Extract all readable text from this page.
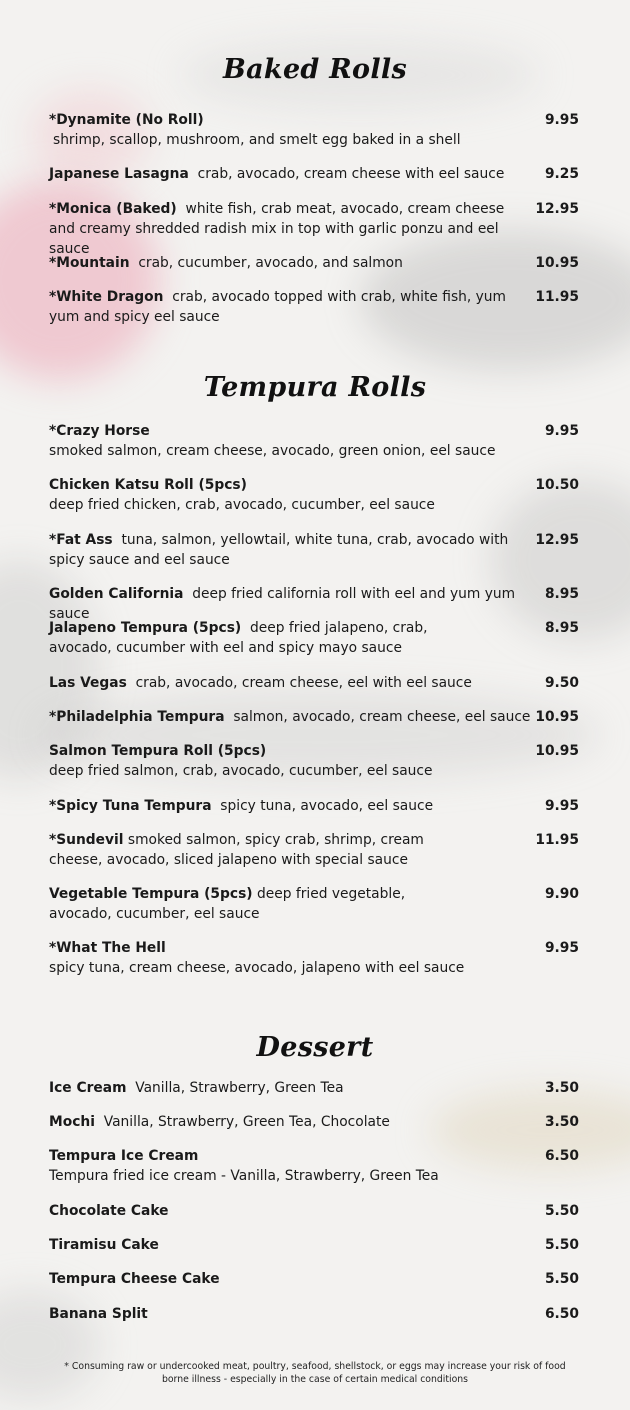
Baked Rolls
*Dynamite (No Roll)
shrimp, scallop, mushroom, and smelt egg baked in a shell
9.95
Japanese Lasagna crab, avocado, cream cheese with eel sauce	9.25
*Monica (Baked) white fish, crab meat, avocado, cream cheese and creamy shredded radish mix in top with garlic ponzu and eel sauce
12.95
*Mountain crab, cucumber, avocado, and salmon	10.95
*White Dragon crab, avocado topped with crab, white fish, yum yum and spicy eel sauce
11.95
Tempura Rolls
*Crazy Horse
smoked salmon, cream cheese, avocado, green onion, eel sauce
9.95
Chicken Katsu Roll (5pcs)
deep fried chicken, crab, avocado, cucumber, eel sauce
10.50
*Fat Ass tuna, salmon, yellowtail, white tuna, crab, avocado with spicy sauce and eel sauce
12.95
Golden California deep fried california roll with eel and yum yum sauce
8.95
Jalapeno Tempura (5pcs) deep fried jalapeno, crab, avocado, cucumber with eel and spicy mayo sauce
8.95
Las Vegas crab, avocado, cream cheese, eel with eel sauce	9.50
*Philadelphia Tempura salmon, avocado, cream cheese, eel sauce 10.95
Salmon Tempura Roll (5pcs)
deep fried salmon, crab, avocado, cucumber, eel sauce
10.95
*Spicy Tuna Tempura spicy tuna, avocado, eel sauce	9.95
*Sundevil smoked salmon, spicy crab, shrimp, cream cheese, avocado, sliced jalapeno with special sauce
11.95
Vegetable Tempura (5pcs) deep fried vegetable, avocado, cucumber, eel sauce
9.90
*What The Hell
spicy tuna, cream cheese, avocado, jalapeno with eel sauce
9.95
Dessert
Ice Cream Vanilla, Strawberry, Green Tea	3.50
Mochi Vanilla, Strawberry, Green Tea, Chocolate	3.50
Tempura Ice Cream
Tempura fried ice cream - Vanilla, Strawberry, Green Tea
6.50
Chocolate Cake	5.50
Tiramisu Cake	5.50
Tempura Cheese Cake	5.50
Banana Split	6.50
* Consuming raw or undercooked meat, poultry, seafood, shellstock, or eggs may increase your risk of food borne illness - especially in the case of certain medical conditions
